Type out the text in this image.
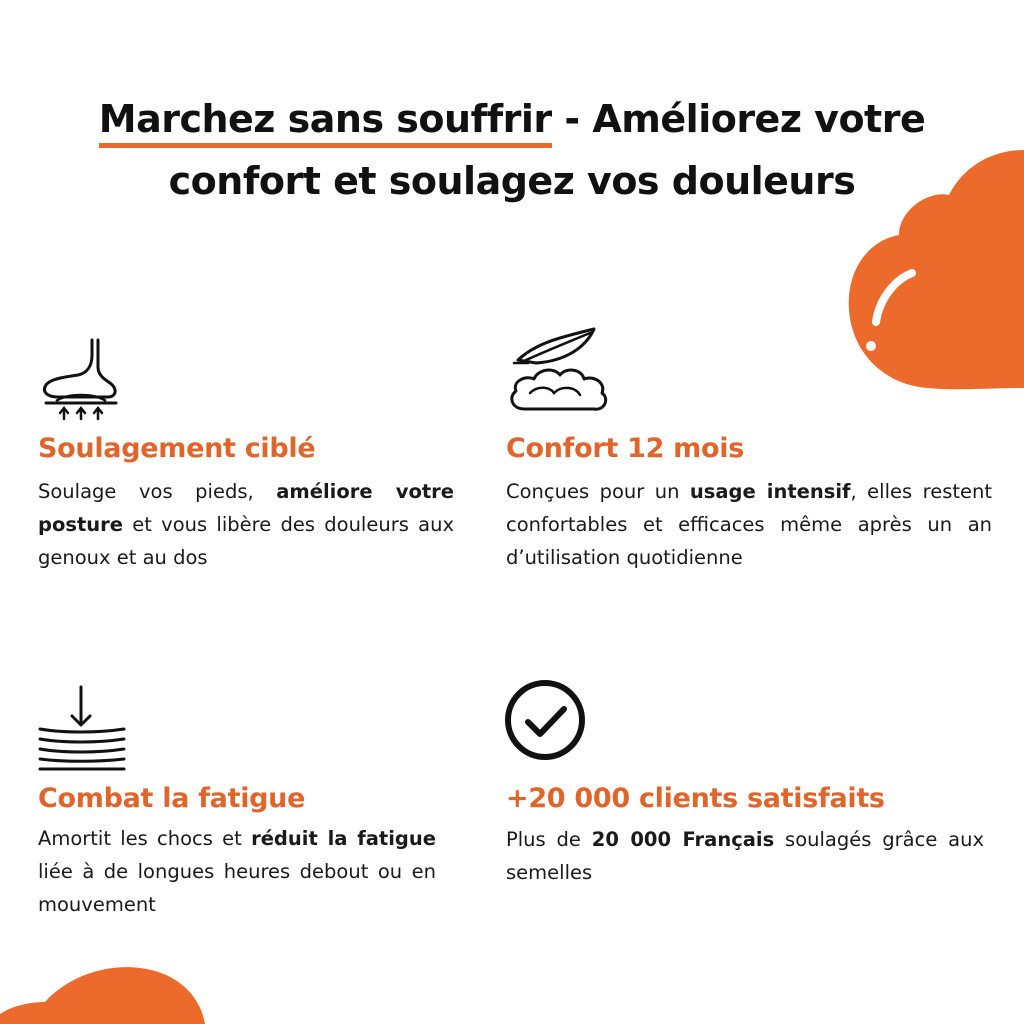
Marchez sans souffrir - Améliorez votre
confort et soulagez vos douleurs
Soulagement ciblé
Soulage vos pieds, améliore votre posture et vous libère des douleurs aux genoux et au dos
Confort 12 mois
Conçues pour un usage intensif, elles restent confortables et efficaces même après un an d’utilisation quotidienne
Combat la fatigue
Amortit les chocs et réduit la fatigue liée à de longues heures debout ou en mouvement
+20 000 clients satisfaits
Plus de 20 000 Français soulagés grâce aux semelles
